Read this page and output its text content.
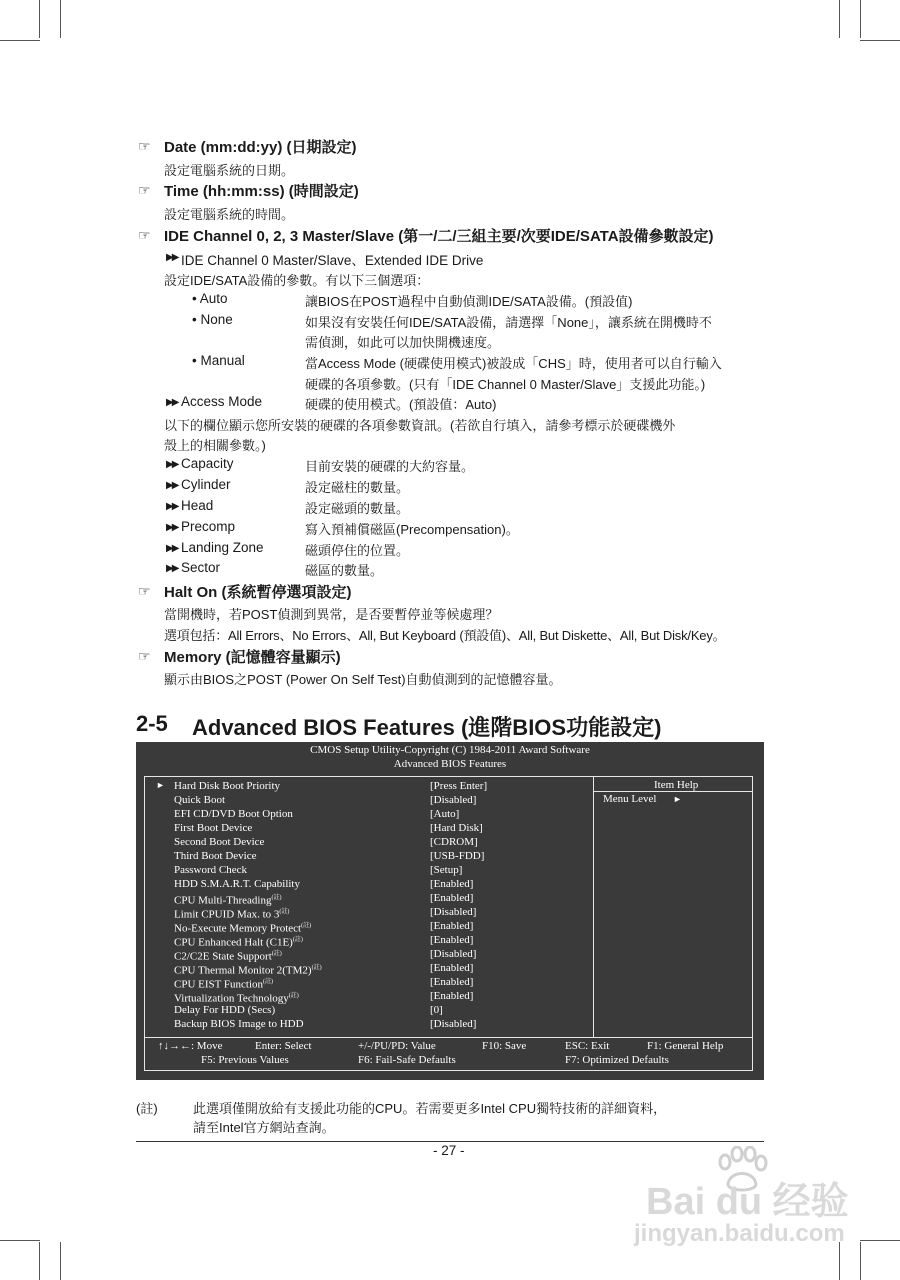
☞ Date (mm:dd:yy) (日期設定)
設定電腦系統的日期。
☞ Time (hh:mm:ss) (時間設定)
設定電腦系統的時間。
☞ IDE Channel 0, 2, 3 Master/Slave (第一/二/三組主要/次要IDE/SATA設備參數設定)
▶▶ IDE Channel 0 Master/Slave、Extended IDE Drive
設定IDE/SATA設備的參數。有以下三個選項：
• Auto	讓BIOS在POST過程中自動偵測IDE/SATA設備。(預設值)
• None	如果沒有安裝任何IDE/SATA設備，請選擇「None」，讓系統在開機時不
需偵測，如此可以加快開機速度。
• Manual	當Access Mode (硬碟使用模式)被設成「CHS」時，使用者可以自行輸入
硬碟的各項參數。(只有「IDE Channel 0 Master/Slave」支援此功能。)
▶▶ Access Mode	硬碟的使用模式。(預設值：Auto)
以下的欄位顯示您所安裝的硬碟的各項參數資訊。(若欲自行填入，請參考標示於硬碟機外
殼上的相關參數。)
▶▶ Capacity	目前安裝的硬碟的大約容量。
▶▶ Cylinder	設定磁柱的數量。
▶▶ Head	設定磁頭的數量。
▶▶ Precomp	寫入預補償磁區(Precompensation)。
▶▶ Landing Zone	磁頭停住的位置。
▶▶ Sector	磁區的數量。
☞ Halt On (系統暫停選項設定)
當開機時，若POST偵測到異常，是否要暫停並等候處理？
選項包括：All Errors、No Errors、All, But Keyboard (預設值)、All, But Diskette、All, But Disk/Key。
☞ Memory (記憶體容量顯示)
顯示由BIOS之POST (Power On Self Test)自動偵測到的記憶體容量。
2-5 Advanced BIOS Features (進階BIOS功能設定)
CMOS Setup Utility-Copyright (C) 1984-2011 Award Software
Advanced BIOS Features
► Hard Disk Boot Priority	[Press Enter]
Quick Boot	[Disabled]
EFI CD/DVD Boot Option	[Auto]
First Boot Device	[Hard Disk]
Second Boot Device	[CDROM]
Third Boot Device	[USB-FDD]
Password Check	[Setup]
HDD S.M.A.R.T. Capability	[Enabled]
CPU Multi-Threading$^{(註)}$	[Enabled]
Limit CPUID Max. to $3^{(註)}$	[Disabled]
No-Execute Memory Protect$^{(註)}$	[Enabled]
CPU Enhanced Halt $(C1E)^{(註)}$	[Enabled]
C2/C2E State Support$^{(註)}$	[Disabled]
CPU Thermal Monitor $2(TM2)^{(註)}$	[Enabled]
CPU EIST Function$^{(註)}$	[Enabled]
Virtualization Technology$^{(註)}$	[Enabled]
Delay For HDD (Secs)	[0]
Backup BIOS Image to HDD	[Disabled]
Item Help
Menu Level ►
↑↓→←: Move	Enter: Select	+/-/PU/PD: Value	F10: Save	ESC: Exit	F1: General Help
F5: Previous Values	F6: Fail-Safe Defaults	F7: Optimized Defaults
(註)	此選項僅開放給有支援此功能的CPU。若需要更多Intel CPU獨特技術的詳細資料，
請至Intel官方網站查詢。
- 27 -
Bai du 经验
jingyan.baidu.com
